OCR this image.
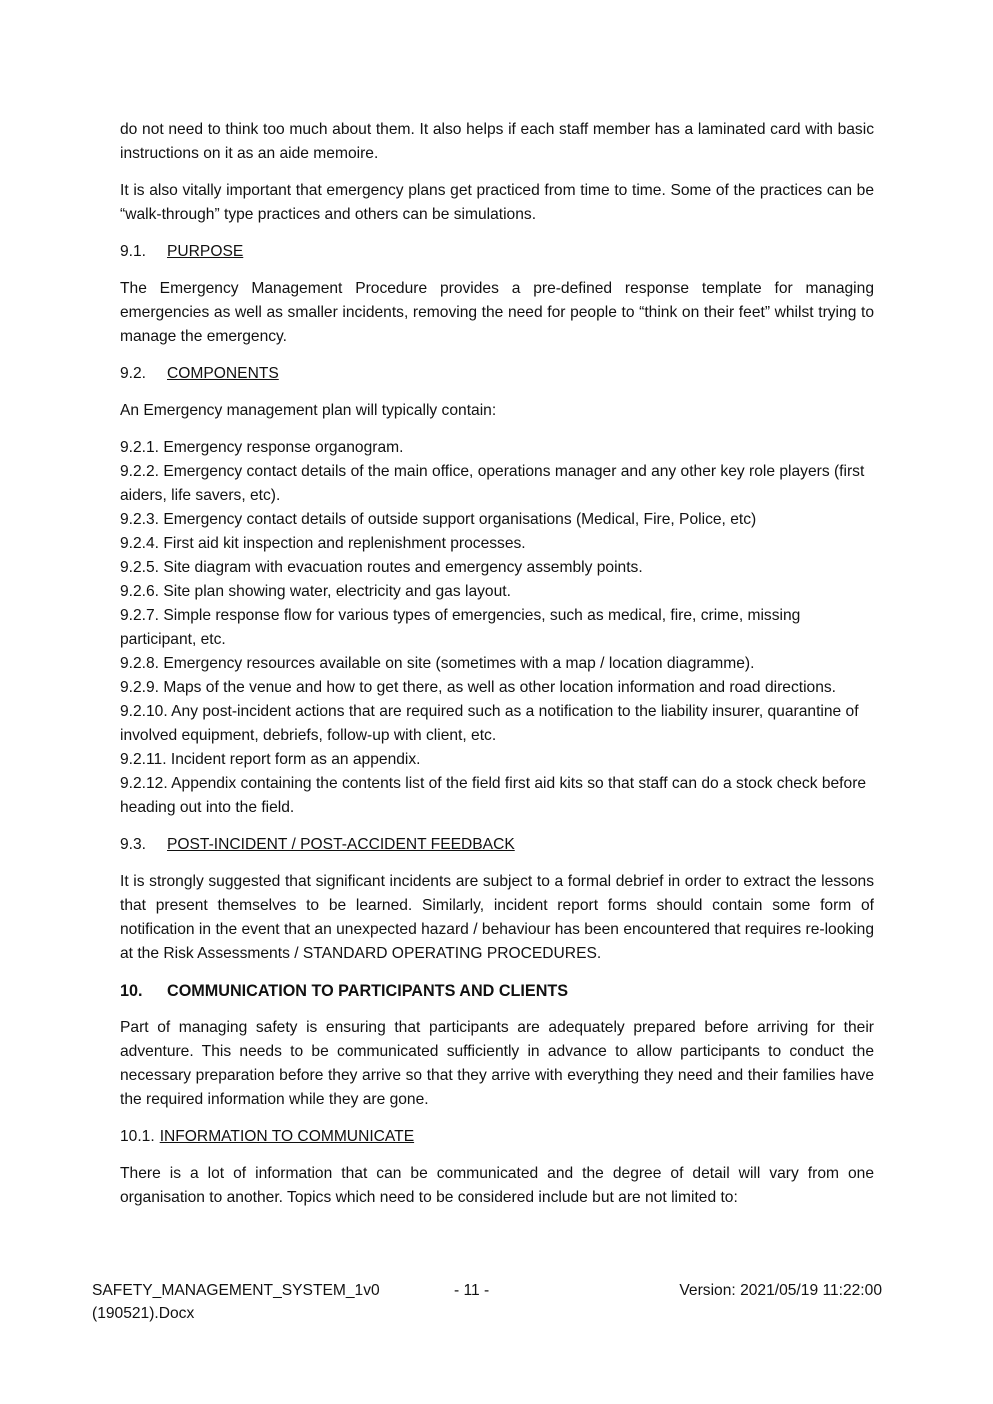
do not need to think too much about them. It also helps if each staff member has a laminated card with basic instructions on it as an aide memoire.

It is also vitally important that emergency plans get practiced from time to time. Some of the practices can be “walk-through” type practices and others can be simulations.

9.1.	PURPOSE

The Emergency Management Procedure provides a pre-defined response template for managing emergencies as well as smaller incidents, removing the need for people to “think on their feet” whilst trying to manage the emergency.

9.2.	COMPONENTS

An Emergency management plan will typically contain:

9.2.1. Emergency response organogram.

9.2.2. Emergency contact details of the main office, operations manager and any other key role players (first aiders, life savers, etc).

9.2.3. Emergency contact details of outside support organisations (Medical, Fire, Police, etc)

9.2.4. First aid kit inspection and replenishment processes.

9.2.5. Site diagram with evacuation routes and emergency assembly points.

9.2.6. Site plan showing water, electricity and gas layout.

9.2.7. Simple response flow for various types of emergencies, such as medical, fire, crime, missing participant, etc.

9.2.8. Emergency resources available on site (sometimes with a map / location diagramme).

9.2.9. Maps of the venue and how to get there, as well as other location information and road directions.

9.2.10. Any post-incident actions that are required such as a notification to the liability insurer, quarantine of involved equipment, debriefs, follow-up with client, etc.

9.2.11. Incident report form as an appendix.

9.2.12. Appendix containing the contents list of the field first aid kits so that staff can do a stock check before heading out into the field.

9.3.	POST-INCIDENT / POST-ACCIDENT FEEDBACK

It is strongly suggested that significant incidents are subject to a formal debrief in order to extract the lessons that present themselves to be learned. Similarly, incident report forms should contain some form of notification in the event that an unexpected hazard / behaviour has been encountered that requires re-looking at the Risk Assessments / STANDARD OPERATING PROCEDURES.

10.	COMMUNICATION TO PARTICIPANTS AND CLIENTS

Part of managing safety is ensuring that participants are adequately prepared before arriving for their adventure. This needs to be communicated sufficiently in advance to allow participants to conduct the necessary preparation before they arrive so that they arrive with everything they need and their families have the required information while they are gone.

10.1. INFORMATION TO COMMUNICATE

There is a lot of information that can be communicated and the degree of detail will vary from one organisation to another. Topics which need to be considered include but are not limited to:

SAFETY_MANAGEMENT_SYSTEM_1v0
(190521).Docx
- 11 -	Version: 2021/05/19 11:22:00
